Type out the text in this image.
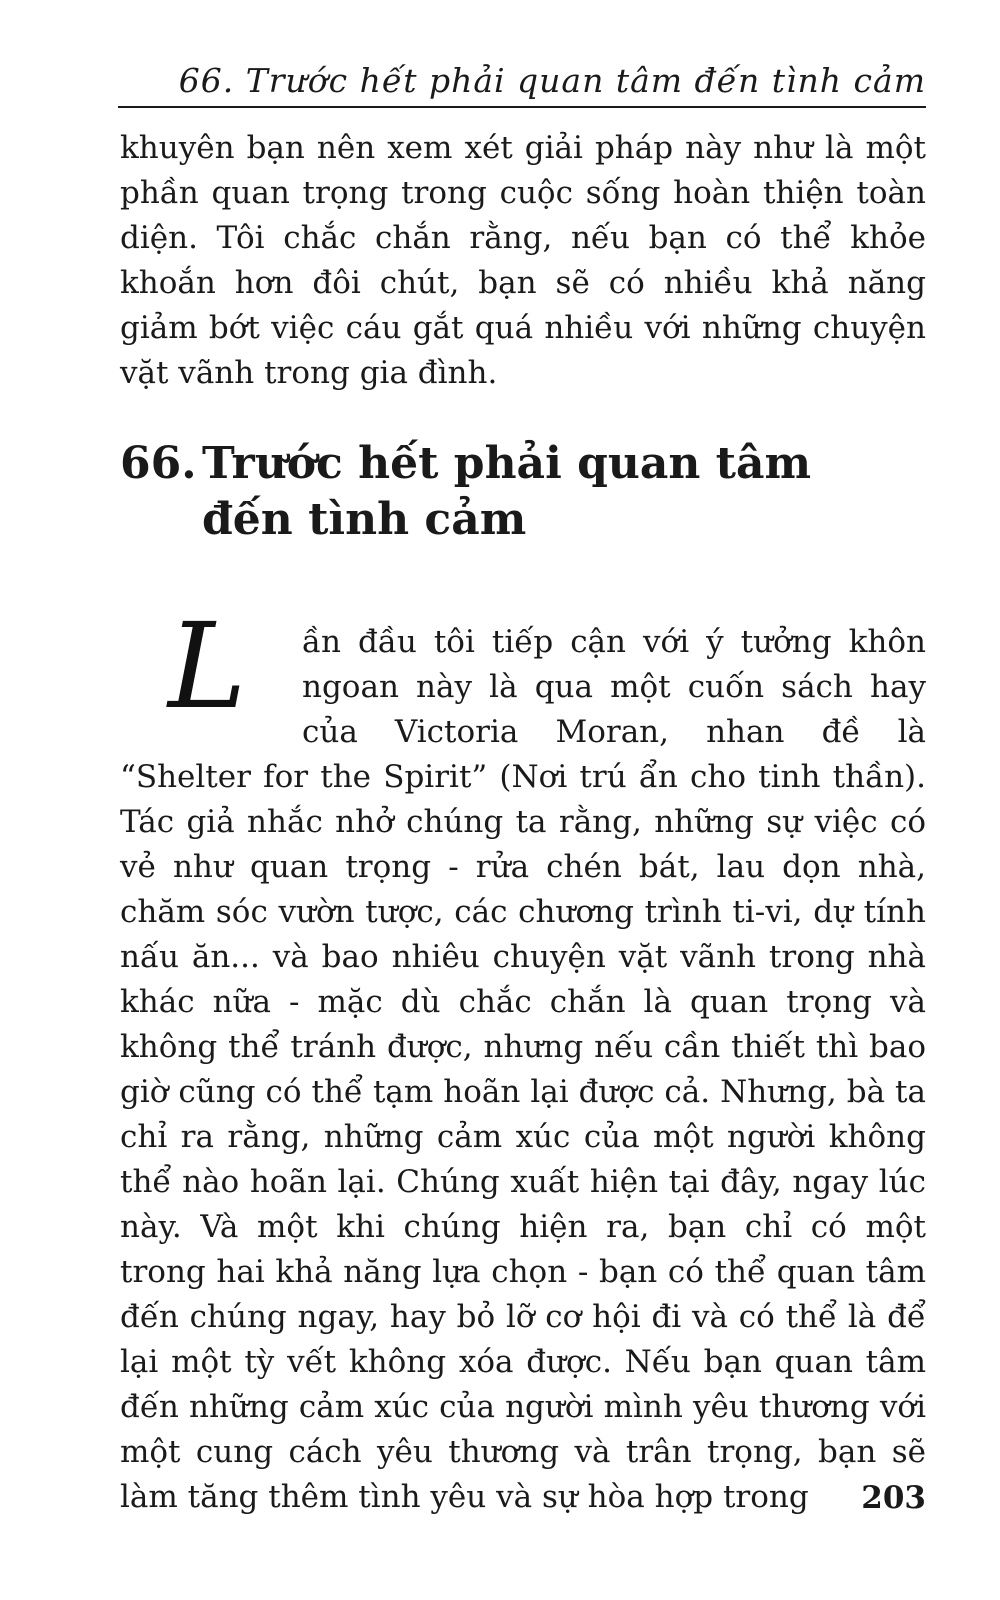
66. Trước hết phải quan tâm đến tình cảm

khuyên bạn nên xem xét giải pháp này như là một phần quan trọng trong cuộc sống hoàn thiện toàn diện. Tôi chắc chắn rằng, nếu bạn có thể khỏe khoắn hơn đôi chút, bạn sẽ có nhiều khả năng giảm bớt việc cáu gắt quá nhiều với những chuyện vặt vãnh trong gia đình.

66. Trước hết phải quan tâm đến tình cảm

L	ần đầu tôi tiếp cận với ý tưởng khôn ngoan này là qua một cuốn sách hay của Victoria Moran, nhan đề là “Shelter for the Spirit” (Nơi trú ẩn cho tinh thần). Tác giả nhắc nhở chúng ta rằng, những sự việc có vẻ như quan trọng - rửa chén bát, lau dọn nhà, chăm sóc vườn tược, các chương trình ti-vi, dự tính nấu ăn... và bao nhiêu chuyện vặt vãnh trong nhà khác nữa - mặc dù chắc chắn là quan trọng và không thể tránh được, nhưng nếu cần thiết thì bao giờ cũng có thể tạm hoãn lại được cả. Nhưng, bà ta chỉ ra rằng, những cảm xúc của một người không thể nào hoãn lại. Chúng xuất hiện tại đây, ngay lúc này. Và một khi chúng hiện ra, bạn chỉ có một trong hai khả năng lựa chọn - bạn có thể quan tâm đến chúng ngay, hay bỏ lỡ cơ hội đi và có thể là để lại một tỳ vết không xóa được. Nếu bạn quan tâm đến những cảm xúc của người mình yêu thương với một cung cách yêu thương và trân trọng, bạn sẽ làm tăng thêm tình yêu và sự hòa hợp trong	203
